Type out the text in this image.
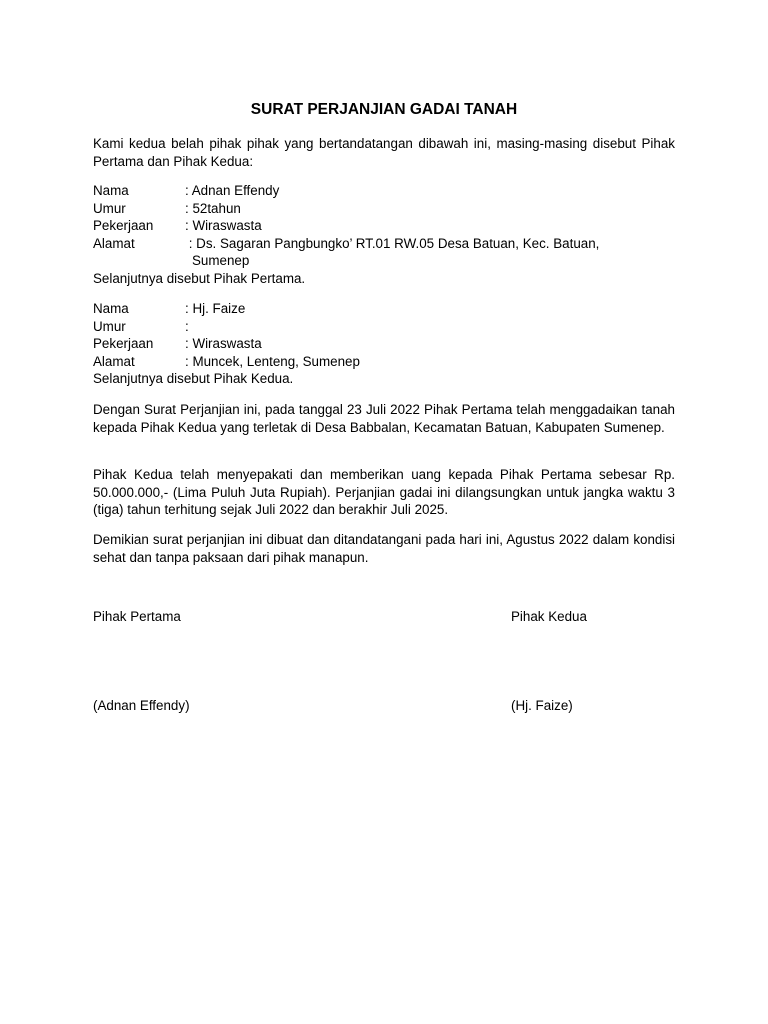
SURAT PERJANJIAN GADAI TANAH
Kami kedua belah pihak pihak yang bertandatangan dibawah ini, masing-masing disebut Pihak Pertama dan Pihak Kedua:
Nama	: Adnan Effendy
Umur	: 52tahun
Pekerjaan : Wiraswasta
Alamat	: Ds. Sagaran Pangbungko’ RT.01 RW.05 Desa Batuan, Kec. Batuan,
Sumenep
Selanjutnya disebut Pihak Pertama.
Nama	: Hj. Faize
Umur	:
Pekerjaan : Wiraswasta
Alamat	: Muncek, Lenteng, Sumenep
Selanjutnya disebut Pihak Kedua.
Dengan Surat Perjanjian ini, pada tanggal 23 Juli 2022 Pihak Pertama telah menggadaikan tanah kepada Pihak Kedua yang terletak di Desa Babbalan, Kecamatan Batuan, Kabupaten Sumenep.
Pihak Kedua telah menyepakati dan memberikan uang kepada Pihak Pertama sebesar Rp. 50.000.000,- (Lima Puluh Juta Rupiah). Perjanjian gadai ini dilangsungkan untuk jangka waktu 3 (tiga) tahun terhitung sejak Juli 2022 dan berakhir Juli 2025.
Demikian surat perjanjian ini dibuat dan ditandatangani pada hari ini, Agustus 2022 dalam kondisi sehat dan tanpa paksaan dari pihak manapun.
Pihak Pertama	Pihak Kedua
(Adnan Effendy)	(Hj. Faize)
